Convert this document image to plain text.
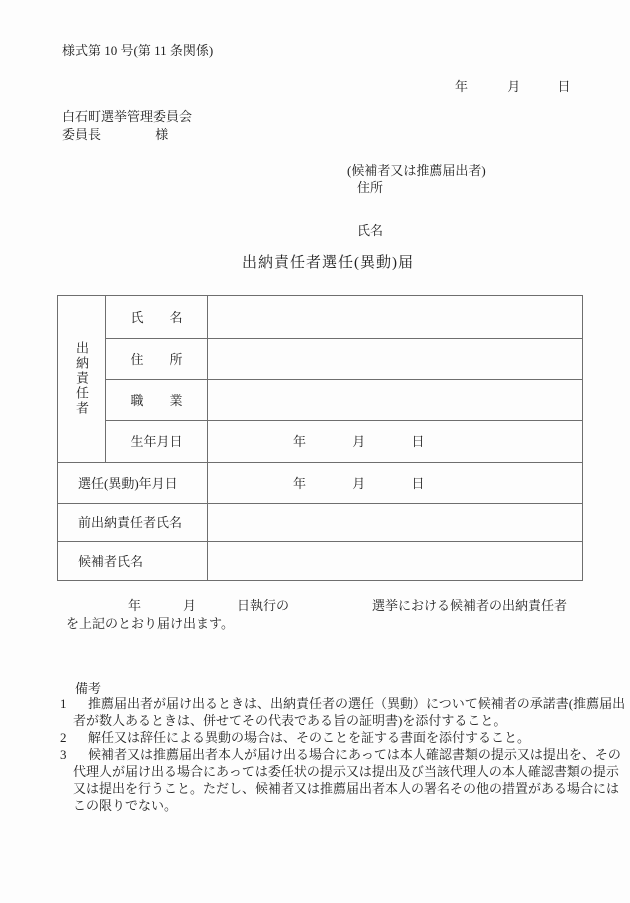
様式第 10 号(第 11 条関係)
年	月	日
白石町選挙管理委員会
委員長	様
(候補者又は推薦届出者)
住所
氏名
出納責任者選任(異動)届
出納責任者	氏　　名	
	住　　所	
	職　　業	
	生年月日	年 月 日
選任(異動)年月日		年 月 日
前出納責任者氏名		
候補者氏名		
年	月	日執行の	選挙における候補者の出納責任者
を上記のとおり届け出ます。
備考
1 推薦届出者が届け出るときは、出納責任者の選任（異動）について候補者の承諾書(推薦届出
者が数人あるときは、併せてその代表である旨の証明書)を添付すること。
2 解任又は辞任による異動の場合は、そのことを証する書面を添付すること。
3 候補者又は推薦届出者本人が届け出る場合にあっては本人確認書類の提示又は提出を、その
代理人が届け出る場合にあっては委任状の提示又は提出及び当該代理人の本人確認書類の提示
又は提出を行うこと。ただし、候補者又は推薦届出者本人の署名その他の措置がある場合には
この限りでない。
